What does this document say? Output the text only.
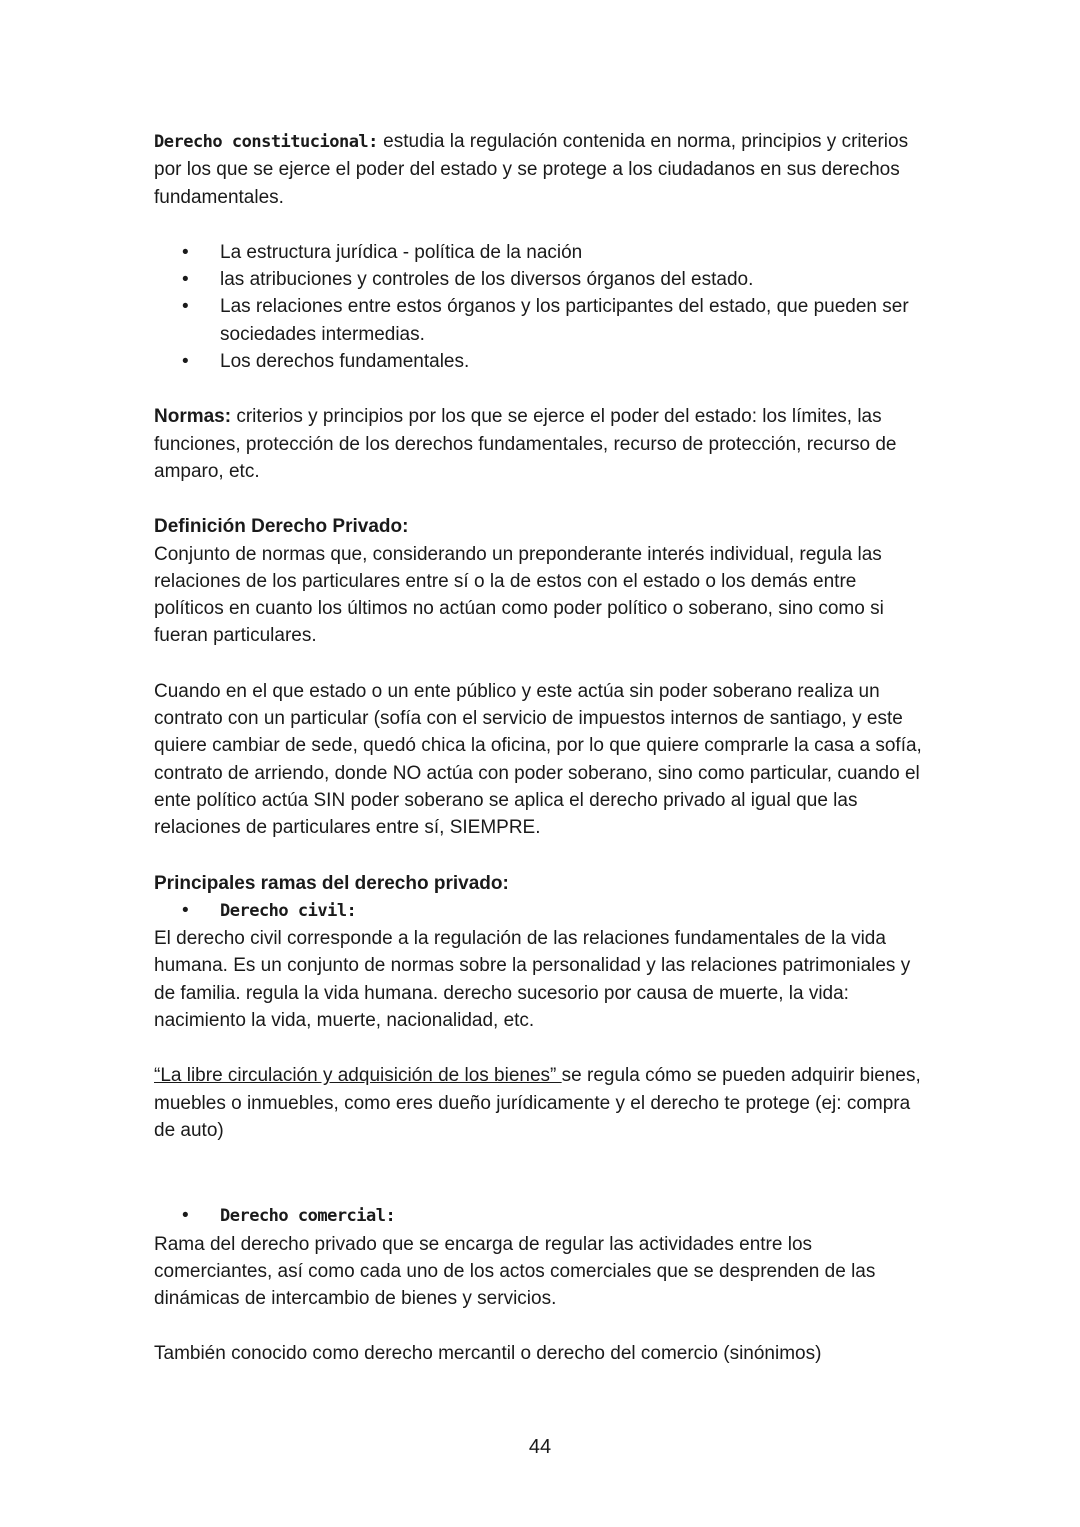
Derecho constitucional: estudia la regulación contenida en norma, principios y criterios por los que se ejerce el poder del estado y se protege a los ciudadanos en sus derechos fundamentales.

• La estructura jurídica - política de la nación
• las atribuciones y controles de los diversos órganos del estado.
• Las relaciones entre estos órganos y los participantes del estado, que pueden ser sociedades intermedias.
• Los derechos fundamentales.

Normas: criterios y principios por los que se ejerce el poder del estado: los límites, las funciones, protección de los derechos fundamentales, recurso de protección, recurso de amparo, etc.

Definición Derecho Privado:

Conjunto de normas que, considerando un preponderante interés individual, regula las relaciones de los particulares entre sí o la de estos con el estado o los demás entre políticos en cuanto los últimos no actúan como poder político o soberano, sino como si fueran particulares.

Cuando en el que estado o un ente público y este actúa sin poder soberano realiza un contrato con un particular (sofía con el servicio de impuestos internos de santiago, y este quiere cambiar de sede, quedó chica la oficina, por lo que quiere comprarle la casa a sofía, contrato de arriendo, donde NO actúa con poder soberano, sino como particular, cuando el ente político actúa SIN poder soberano se aplica el derecho privado al igual que las relaciones de particulares entre sí, SIEMPRE.

Principales ramas del derecho privado:

• Derecho civil:

El derecho civil corresponde a la regulación de las relaciones fundamentales de la vida humana. Es un conjunto de normas sobre la personalidad y las relaciones patrimoniales y de familia. regula la vida humana. derecho sucesorio por causa de muerte, la vida: nacimiento la vida, muerte, nacionalidad, etc.

“La libre circulación y adquisición de los bienes” se regula cómo se pueden adquirir bienes, muebles o inmuebles, como eres dueño jurídicamente y el derecho te protege (ej: compra de auto)

• Derecho comercial:

Rama del derecho privado que se encarga de regular las actividades entre los comerciantes, así como cada uno de los actos comerciales que se desprenden de las dinámicas de intercambio de bienes y servicios.

También conocido como derecho mercantil o derecho del comercio (sinónimos)

44
